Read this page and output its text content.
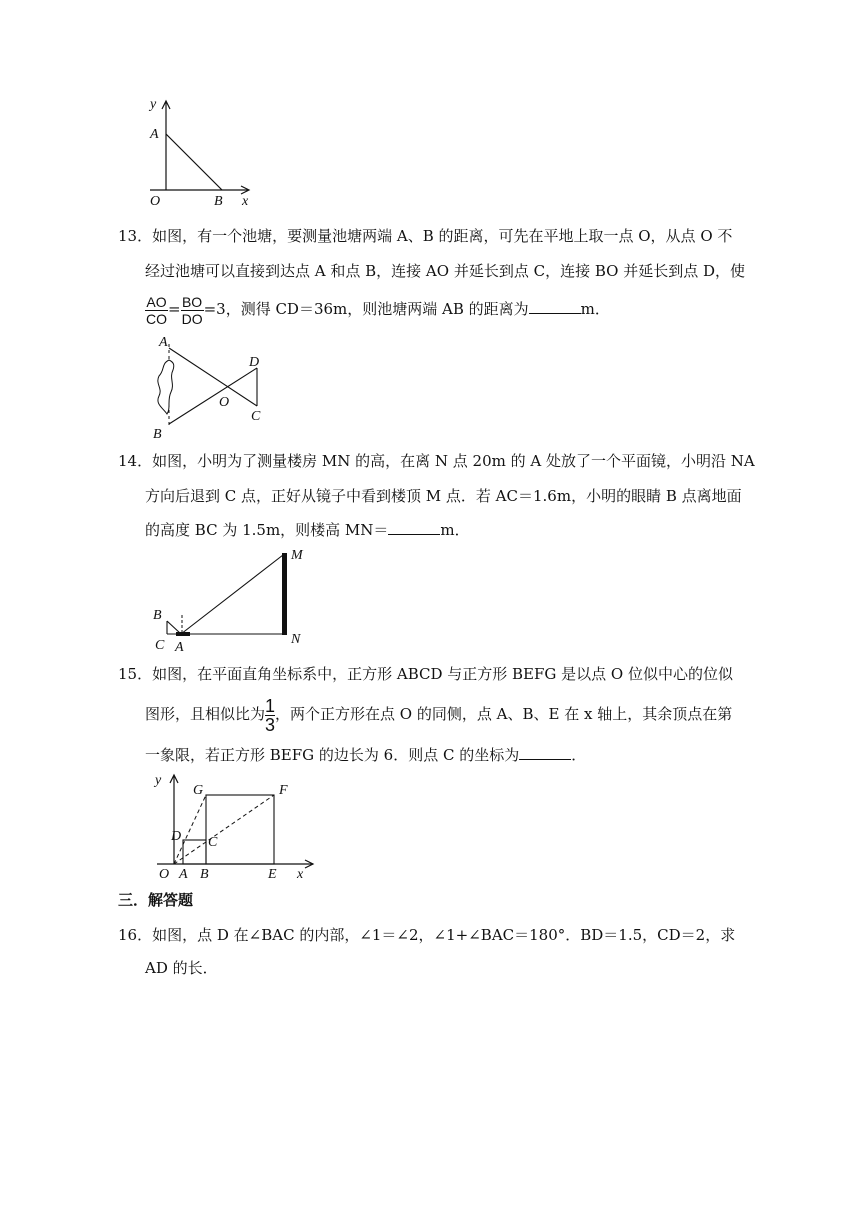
y
A
O	B x
13．如图，有一个池塘，要测量池塘两端 A、B 的距离，可先在平地上取一点 O，从点 O 不
经过池塘可以直接到达点 A 和点 B，连接 AO 并延长到点 C，连接 BO 并延长到点 D，使
$\frac{AO}{CO} = \frac{BO}{DO} =3$，测得 CD＝36m，则池塘两端 AB 的距离为	m．
A
B
O
D
C
14．如图，小明为了测量楼房 MN 的高，在离 N 点 20m 的 A 处放了一个平面镜，小明沿 NA
方向后退到 C 点，正好从镜子中看到楼顶 M 点．若 AC＝1.6m，小明的眼睛 B 点离地面
的高度 BC 为 1.5m，则楼高 MN＝	m．
M
N
B
C A
15．如图，在平面直角坐标系中，正方形 ABCD 与正方形 BEFG 是以点 O 位似中心的位似
图形，且相似比为 $\frac{1}{3}$，两个正方形在点 O 的同侧，点 A、B、E 在 x 轴上，其余顶点在第
一象限，若正方形 BEFG 的边长为 6．则点 C 的坐标为	．
y
G	F
D C
O A B	E x
三．解答题
16．如图，点 D 在∠BAC 的内部，∠1＝∠2，∠1+∠BAC＝180°．BD＝1.5，CD＝2，求
AD 的长．
